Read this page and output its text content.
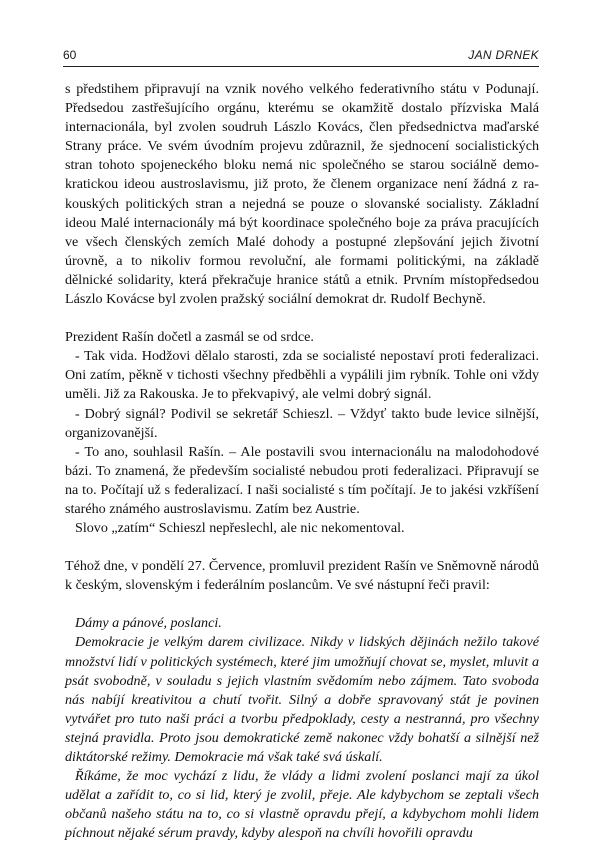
60	JAN DRNEK

s předstihem připravují na vznik nového velkého federativního státu v Podunají. Předsedou zastřešujícího orgánu, kterému se okamžitě dostalo přízviska Malá internacionála, byl zvolen soudruh Lászlo Kovács, člen předsednictva maďarské Strany práce. Ve svém úvodním projevu zdůraznil, že sjednocení socialistických stran tohoto spojeneckého bloku nemá nic společného se starou sociálně demokratickou ideou austroslavismu, již proto, že členem organizace není žádná z rakouských politických stran a nejedná se pouze o slovanské socialisty. Základní ideou Malé internacionály má být koordinace společného boje za práva pracujících ve všech členských zemích Malé dohody a postupné zlepšování jejich životní úrovně, a to nikoliv formou revoluční, ale formami politickými, na základě dělnické solidarity, která překračuje hranice států a etnik. Prvním místopředsedou Lászlo Kovácse byl zvolen pražský sociální demokrat dr. Rudolf Bechyně.

Prezident Rašín dočetl a zasmál se od srdce.

- Tak vida. Hodžovi dělalo starosti, zda se socialisté nepostaví proti federalizaci. Oni zatím, pěkně v tichosti všechny předběhli a vypálili jim rybník. Tohle oni vždy uměli. Již za Rakouska. Je to překvapivý, ale velmi dobrý signál.

- Dobrý signál? Podivil se sekretář Schieszl. – Vždyť takto bude levice silnější, organizovanější.

- To ano, souhlasil Rašín. – Ale postavili svou internacionálu na malodohodové bázi. To znamená, že především socialisté nebudou proti federalizaci. Připravují se na to. Počítají už s federalizací. I naši socialisté s tím počítají. Je to jakési vzkříšení starého známého austroslavismu. Zatím bez Austrie.

Slovo „zatím“ Schieszl nepřeslechl, ale nic nekomentoval.

Téhož dne, v pondělí 27. Července, promluvil prezident Rašín ve Sněmovně národů k českým, slovenským i federálním poslancům. Ve své nástupní řeči pravil:

Dámy a pánové, poslanci.

Demokracie je velkým darem civilizace. Nikdy v lidských dějinách nežilo takové množství lidí v politických systémech, které jim umožňují chovat se, myslet, mluvit a psát svobodně, v souladu s jejich vlastním svědomím nebo zájmem. Tato svoboda nás nabíjí kreativitou a chutí tvořit. Silný a dobře spravovaný stát je povinen vytvářet pro tuto naši práci a tvorbu předpoklady, cesty a nestranná, pro všechny stejná pravidla. Proto jsou demokratické země nakonec vždy bohatší a silnější než diktátorské režimy. Demokracie má však také svá úskalí.

Říkáme, že moc vychází z lidu, že vlády a lidmi zvolení poslanci mají za úkol udělat a zařídit to, co si lid, který je zvolil, přeje. Ale kdybychom se zeptali všech občanů našeho státu na to, co si vlastně opravdu přejí, a kdybychom mohli lidem píchnout nějaké sérum pravdy, kdyby alespoň na chvíli hovořili opravdu
